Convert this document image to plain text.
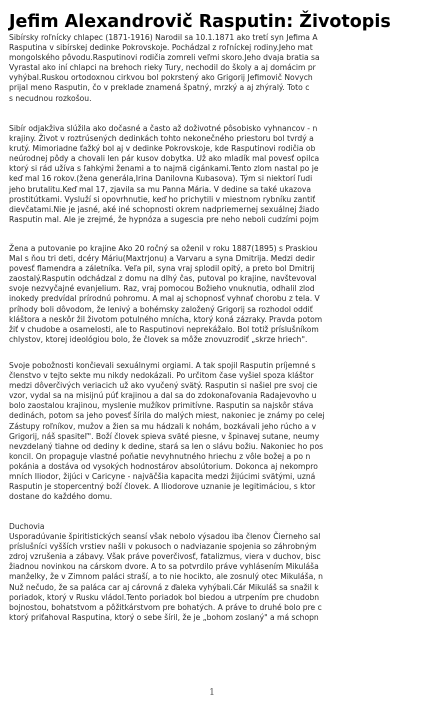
Jefim Alexandrovič Rasputin: Životopis
Sibírsky roľnícky chlapec (1871-1916) Narodil sa 10.1.1871 ako tretí syn Jefima A
Rasputina v sibírskej dedinke Pokrovskoje. Pochádzal z roľníckej rodiny.Jeho mat
mongolského pôvodu.Rasputinovi rodičia zomreli veľmi skoro.Jeho dvaja bratia sa
Vyrastal ako iní chlapci na brehoch rieky Tury, nechodil do školy a aj domácim pr
vyhýbal.Ruskou ortodoxnou cirkvou bol pokrstený ako Grigorij Jefimovič Novych
prijal meno Rasputin, čo v preklade znamená špatný, mrzký a aj zhýralý. Toto c
s necudnou rozkošou.
Sibír odjakživa slúžila ako dočasné a často až doživotné pôsobisko vyhnancov - n
krajiny. Život v roztrúsených dedinkách tohto nekonečného priestoru bol tvrdý a
krutý. Mimoriadne ťažký bol aj v dedinke Pokrovskoje, kde Rasputinovi rodičia ob
neúrodnej pôdy a chovali len pár kusov dobytka. Už ako mladík mal povesť opilca
ktorý si rád užíva s ľahkými ženami a to najmä cigánkami.Tento zlom nastal po je
keď mal 16 rokov.(žena generála,Irina Danilovna Kubasova). Tým si niektorí ľudi
jeho brutalitu.Keď mal 17, zjavila sa mu Panna Mária. V dedine sa také ukazova
prostitútkami. Vysluží si opovrhnutie, keď ho prichytili v miestnom rybníku zantiť
dievčatami.Nie je jasné, aké iné schopnosti okrem nadpriemernej sexuálnej žiado
Rasputin mal. Ale je zrejmé, že hypnóza a sugescia pre neho neboli cudzími pojm
Žena a putovanie po krajine Ako 20 ročný sa oženil v roku 1887(1895) s Praskiou
Mal s ňou tri deti, dcéry Máriu(Maxtrjonu) a Varvaru a syna Dmitrija. Medzi dedir
povesť flamendra a záletníka. Veľa pil, syna vraj splodil opitý, a preto bol Dmitrij
zaostalý.Rasputin odchádzal z domu na dlhý čas, putoval po krajine, navštevoval
svoje nezvyčajné evanjelium. Raz, vraj pomocou Božieho vnuknutia, odhalil zlod
inokedy predvídal prírodnú pohromu. A mal aj schopnosť vyhnať chorobu z tela. V
príhody boli dôvodom, že lenivý a bohémsky založený Grigorij sa rozhodol oddiť
kláštora a neskôr žil životom potulného mnícha, ktorý koná zázraky. Pravda potom
žiť v chudobe a osamelosti, ale to Rasputinovi neprekážalo. Bol totiž príslušníkom
chlystov, ktorej ideológiou bolo, že človek sa môže znovuzrodiť „skrze hriech".
Svoje pobožnosti končievali sexuálnymi orgiami. A tak spojil Rasputin príjemné s
členstvo v tejto sekte mu nikdy nedokázali. Po určitom čase vyšiel spoza kláštor
medzi dôverčivých veriacich už ako vyučený svätý. Rasputin si našiel pre svoj cie
vzor, vydal sa na misijnú púť krajinou a dal sa do zdokonaľovania Radajevovho u
bolo zaostalou krajinou, myslenie mužíkov primitívne. Rasputin sa najskôr stáva
dedinách, potom sa jeho povesť šírila do malých miest, nakoniec je známy po celej
Zástupy roľníkov, mužov a žien sa mu hádzali k nohám, bozkávali jeho rúcho a v
Grigorij, náš spasiteľ". Boží človek spieva sväté piesne, v špinavej sutane, neumy
nevzdelaný tiahne od dediny k dedine, stará sa len o slávu božiu. Nakoniec ho pos
koncil. On propaguje vlastné poňatie nevyhnutného hriechu z vôle božej a po n
pokánia a dostáva od vysokých hodnostárov absolútorium. Dokonca aj nekompro
mních Iliodor, žijúci v Caricyne - najväčšia kapacita medzi žijúcimi svätými, uzná
Rasputin je stopercentný boží človek. A Iliodorove uznanie je legitimáciou, s ktor
dostane do každého domu.
Duchovia
Usporadúvanie špiritistických seansí však nebolo výsadou iba členov Čierneho sal
príslušníci vyšších vrstiev našli v pokusoch o nadviazanie spojenia so záhrobným
zdroj vzrušenia a zábavy. Však práve poverčivosť, fatalizmus, viera v duchov, bisc
žiadnou novinkou na cárskom dvore. A to sa potvrdilo práve vyhlásením Mikuláša
manželky, že v Zimnom paláci straší, a to nie hocikto, ale zosnulý otec Mikuláša, n
Nuž nečudo, že sa paláca car aj cárovná z ďaleka vyhýbali.Cár Mikuláš sa snažil k
poriadok, ktorý v Rusku vládol.Tento poriadok bol biedou a utrpením pre chudobn
bojnostou, bohatstvom a pôžitkárstvom pre bohatých. A práve to druhé bolo pre c
ktorý priťahoval Rasputina, ktorý o sebe šíril, že je „bohom zoslaný" a má schopn
1
